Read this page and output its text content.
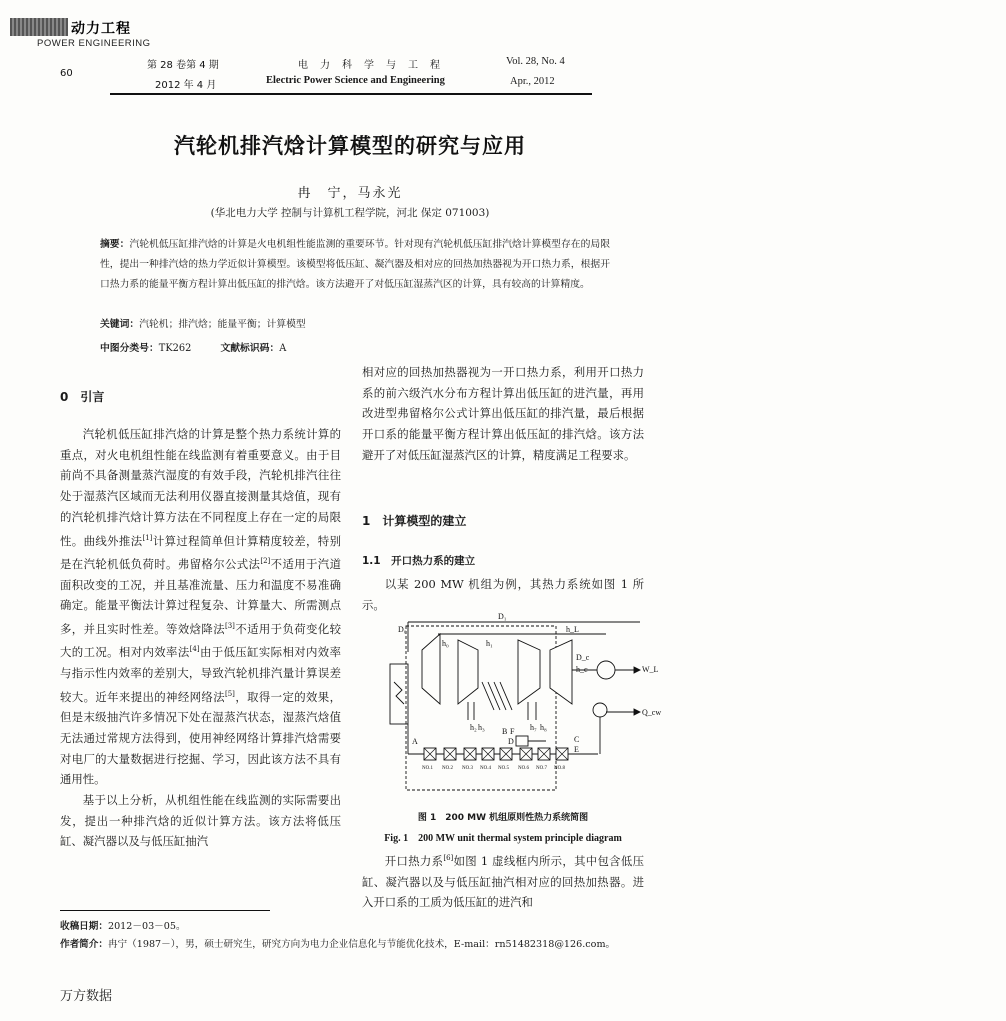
动力工程
POWER ENGINEERING
60
第 28 卷第 4 期
2012 年 4 月
电　力　科　学　与　工　程
Electric Power Science and Engineering
Vol. 28, No. 4
Apr., 2012
汽轮机排汽焓计算模型的研究与应用
冉　宁，马永光
(华北电力大学 控制与计算机工程学院，河北 保定 071003)
摘要：汽轮机低压缸排汽焓的计算是火电机组性能监测的重要环节。针对现有汽轮机低压缸排汽焓计算模型存在的局限性，提出一种排汽焓的热力学近似计算模型。该模型将低压缸、凝汽器及相对应的回热加热器视为开口热力系，根据开口热力系的能量平衡方程计算出低压缸的排汽焓。该方法避开了对低压缸湿蒸汽区的计算，具有较高的计算精度。
关键词：汽轮机；排汽焓；能量平衡；计算模型
中图分类号：TK262	文献标识码：A
0　引言

汽轮机低压缸排汽焓的计算是整个热力系统计算的重点，对火电机组性能在线监测有着重要意义。由于目前尚不具备测量蒸汽湿度的有效手段，汽轮机排汽往往处于湿蒸汽区域而无法利用仪器直接测量其焓值，现有的汽轮机排汽焓计算方法在不同程度上存在一定的局限性。曲线外推法[1]计算过程简单但计算精度较差，特别是在汽轮机低负荷时。弗留格尔公式法[2]不适用于汽道面积改变的工况，并且基准流量、压力和温度不易准确确定。能量平衡法计算过程复杂、计算量大、所需测点多，并且实时性差。等效焓降法[3]不适用于负荷变化较大的工况。相对内效率法[4]由于低压缸实际相对内效率与指示性内效率的差别大，导致汽轮机排汽量计算误差较大。近年来提出的神经网络法[5]，取得一定的效果，但是末级抽汽许多情况下处在湿蒸汽状态，湿蒸汽焓值无法通过常规方法得到，使用神经网络计算排汽焓需要对电厂的大量数据进行挖掘、学习，因此该方法不具有通用性。

基于以上分析，从机组性能在线监测的实际需要出发，提出一种排汽焓的近似计算方法。该方法将低压缸、凝汽器以及与低压缸抽汽

相对应的回热加热器视为一开口热力系，利用开口热力系的前六级汽水分布方程计算出低压缸的进汽量，再用改进型弗留格尔公式计算出低压缸的排汽量，最后根据开口系的能量平衡方程计算出低压缸的排汽焓。该方法避开了对低压缸湿蒸汽区的计算，精度满足工程要求。

1　计算模型的建立
1.1　开口热力系的建立

以某 200 MW 机组为例，其热力系统如图 1 所示。

D₁
D₀	h_L
h₀	h₁
D_c
h_c	W_L
Q_cw
h₂ h₃	h₇ h₈
A
B
C
D
E
F
NO.1 NO.2 NO.3 NO.4 NO.5 NO.6 NO.7 NO.8
图 1　200 MW 机组原则性热力系统简图
Fig. 1　200 MW unit thermal system principle diagram

开口热力系[6]如图 1 虚线框内所示，其中包含低压缸、凝汽器以及与低压缸抽汽相对应的回热加热器。进入开口系的工质为低压缸的进汽和

收稿日期：2012－03－05。
作者简介：冉宁（1987－），男，硕士研究生，研究方向为电力企业信息化与节能优化技术，E-mail：rn51482318@126.com。
万方数据
